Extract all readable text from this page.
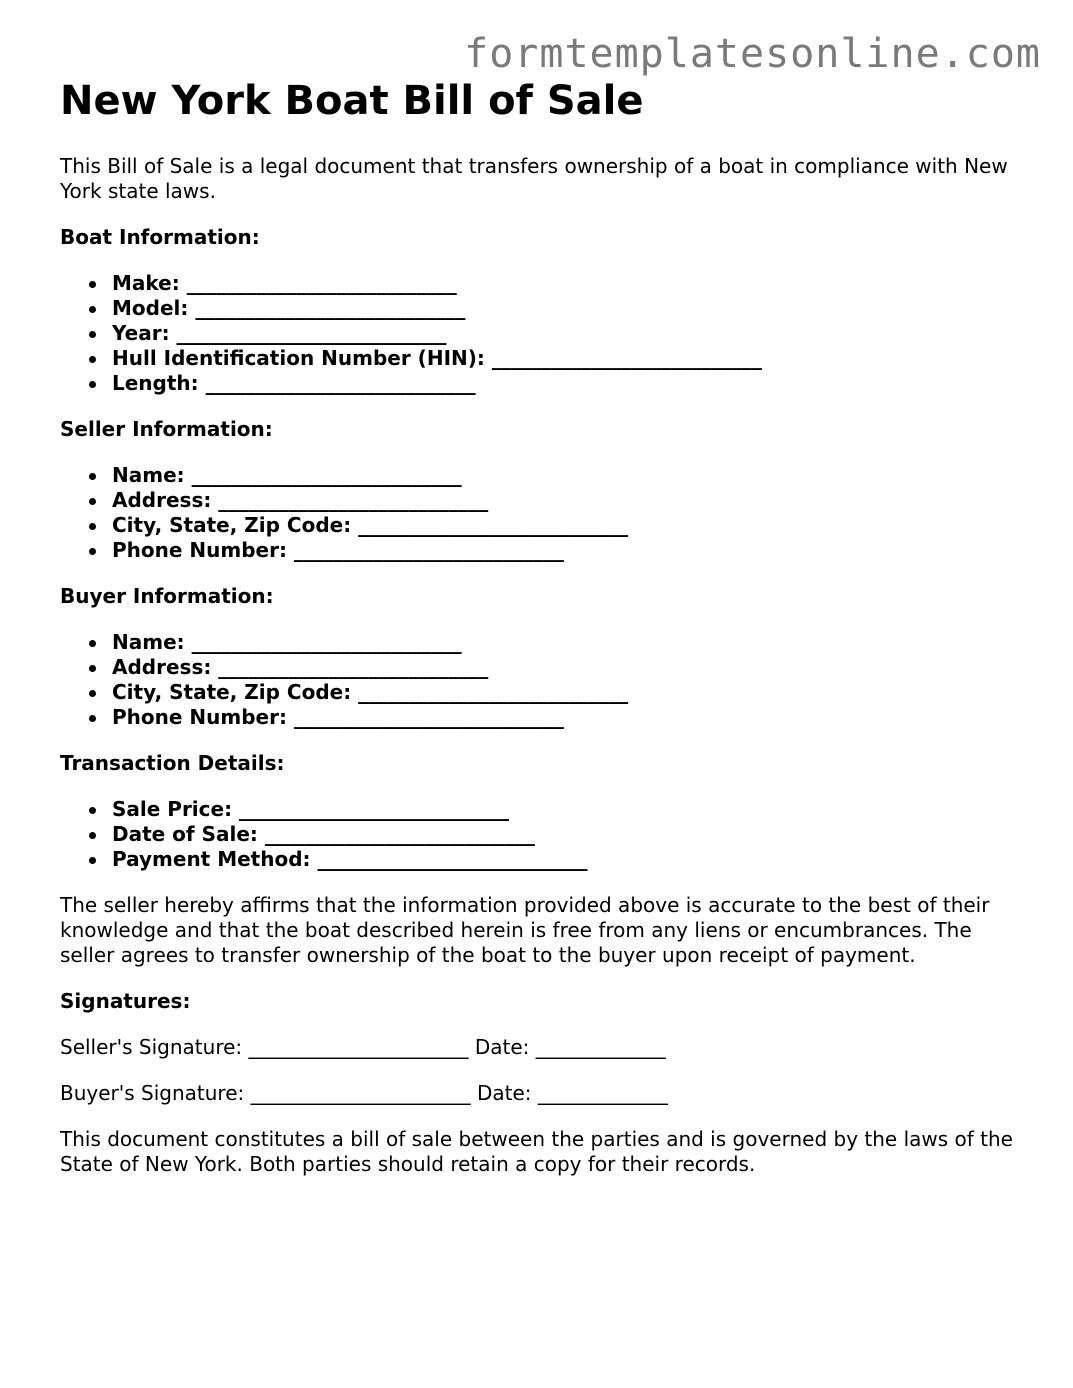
formtemplatesonline.com
New York Boat Bill of Sale

This Bill of Sale is a legal document that transfers ownership of a boat in compliance with New York state laws.

Boat Information:

Make: ___________________________
Model: ___________________________
Year: ___________________________
Hull Identification Number (HIN): ___________________________
Length: ___________________________

Seller Information:

Name: ___________________________
Address: ___________________________
City, State, Zip Code: ___________________________
Phone Number: ___________________________

Buyer Information:

Name: ___________________________
Address: ___________________________
City, State, Zip Code: ___________________________
Phone Number: ___________________________

Transaction Details:

Sale Price: ___________________________
Date of Sale: ___________________________
Payment Method: ___________________________

The seller hereby affirms that the information provided above is accurate to the best of their knowledge and that the boat described herein is free from any liens or encumbrances. The seller agrees to transfer ownership of the boat to the buyer upon receipt of payment.

Signatures:

Seller's Signature: ______________________ Date: _____________

Buyer's Signature: ______________________ Date: _____________

This document constitutes a bill of sale between the parties and is governed by the laws of the State of New York. Both parties should retain a copy for their records.
